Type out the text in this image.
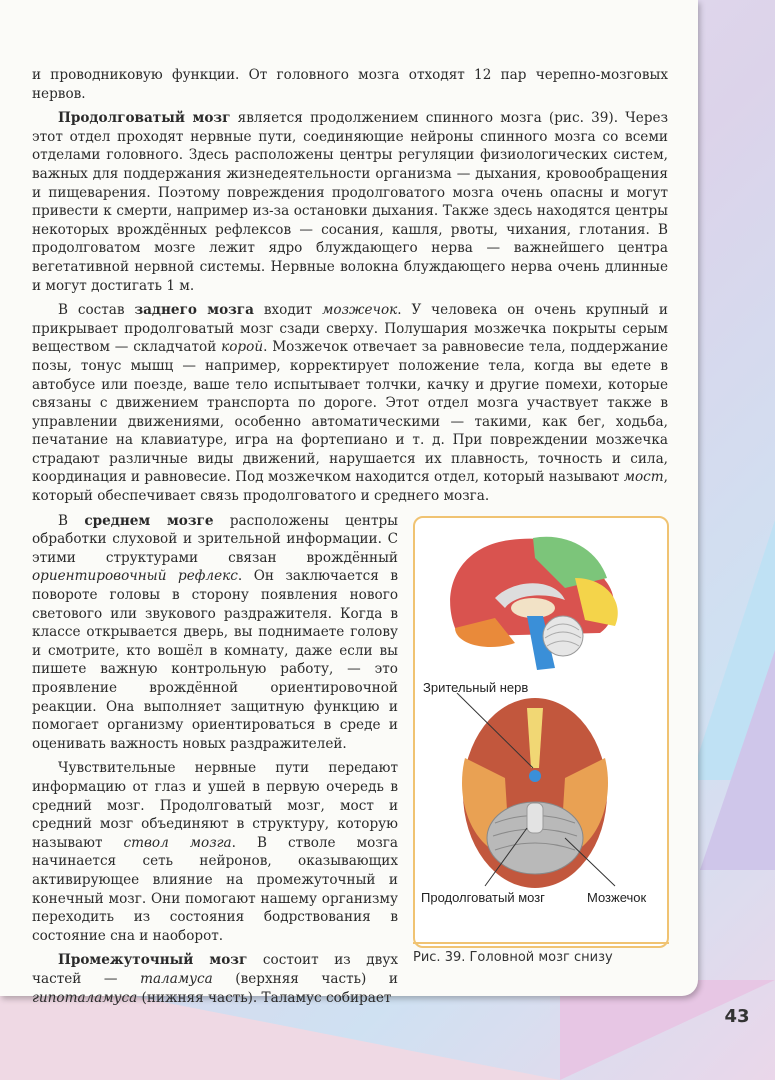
и проводниковую функции. От головного мозга отходят 12 пар черепно-мозговых нервов.

Продолговатый мозг является продолжением спинного мозга (рис. 39). Через этот отдел проходят нервные пути, соединяющие нейроны спинного мозга со всеми отделами головного. Здесь расположены центры регуляции физиологических систем, важных для поддержания жизнедеятельности организма — дыхания, кровообращения и пищеварения. Поэтому повреждения продолговатого мозга очень опасны и могут привести к смерти, например из-за остановки дыхания. Также здесь находятся центры некоторых врождённых рефлексов — сосания, кашля, рвоты, чихания, глотания. В продолговатом мозге лежит ядро блуждающего нерва — важнейшего центра вегетативной нервной системы. Нервные волокна блуждающего нерва очень длинные и могут достигать 1 м.

В состав заднего мозга входит мозжечок. У человека он очень крупный и прикрывает продолговатый мозг сзади сверху. Полушария мозжечка покрыты серым веществом — складчатой корой. Мозжечок отвечает за равновесие тела, поддержание позы, тонус мышц — например, корректирует положение тела, когда вы едете в автобусе или поезде, ваше тело испытывает толчки, качку и другие помехи, которые связаны с движением транспорта по дороге. Этот отдел мозга участвует также в управлении движениями, особенно автоматическими — такими, как бег, ходьба, печатание на клавиатуре, игра на фортепиано и т. д. При повреждении мозжечка страдают различные виды движений, нарушается их плавность, точность и сила, координация и равновесие. Под мозжечком находится отдел, который называют мост, который обеспечивает связь продолговатого и среднего мозга.

В среднем мозге расположены центры обработки слуховой и зрительной информации. С этими структурами связан врождённый ориентировочный рефлекс. Он заключается в повороте головы в сторону появления нового светового или звукового раздражителя. Когда в классе открывается дверь, вы поднимаете голову и смотрите, кто вошёл в комнату, даже если вы пишете важную контрольную работу, — это проявление врождённой ориентировочной реакции. Она выполняет защитную функцию и помогает организму ориентироваться в среде и оценивать важность новых раздражителей.

Чувствительные нервные пути передают информацию от глаз и ушей в первую очередь в средний мозг. Продолговатый мозг, мост и средний мозг объединяют в структуру, которую называют ствол мозга. В стволе мозга начинается сеть нейронов, оказывающих активирующее влияние на промежуточный и конечный мозг. Они помогают нашему организму переходить из состояния бодрствования в состояние сна и наоборот.

Промежуточный мозг состоит из двух частей — таламуса (верхняя часть) и гипоталамуса (нижняя часть). Таламус собирает

Зрительный нерв
Продолговатый мозг	Мозжечок
Рис. 39. Головной мозг снизу
43
